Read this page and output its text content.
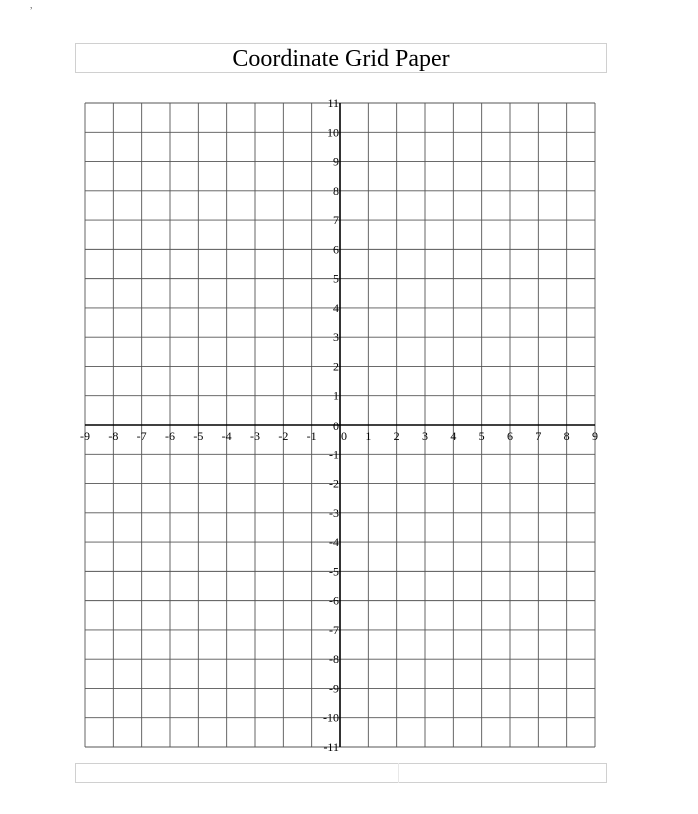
,
Coordinate Grid Paper
-9 -8 -7 -6 -5 -4 -3 -2 -1 0 1 2 3 4 5 6 7 8 9
-11
-10
-9
-8
-7
-6
-5
-4
-3
-2
-1
0
1
2
3
4
5
6
7
8
9
10
11
